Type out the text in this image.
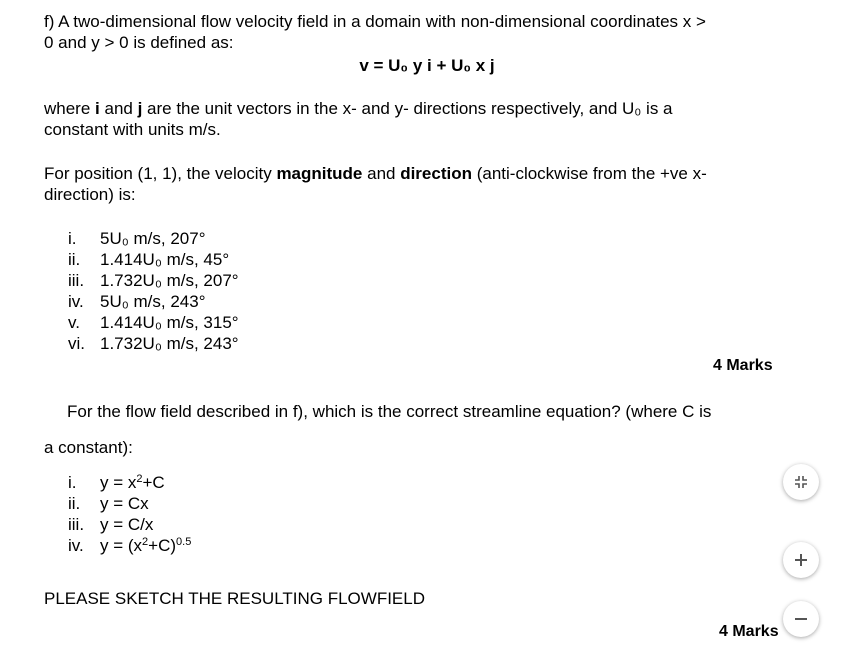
f) A two-dimensional flow velocity field in a domain with non-dimensional coordinates x >
0 and y > 0 is defined as:
v = U₀ y i + U₀ x j
where i and j are the unit vectors in the x- and y- directions respectively, and U₀ is a
constant with units m/s.
For position (1, 1), the velocity magnitude and direction (anti-clockwise from the +ve x-
direction) is:
i. 5U₀ m/s, 207°
ii. 1.414U₀ m/s, 45°
iii. 1.732U₀ m/s, 207°
iv. 5U₀ m/s, 243°
v. 1.414U₀ m/s, 315°
vi. 1.732U₀ m/s, 243°
4 Marks
For the flow field described in f), which is the correct streamline equation? (where C is
a constant):
i. $y = x^2+C$
ii. y = Cx
iii. y = C/x
iv. $y = (x^2+C)^{0.5}$
PLEASE SKETCH THE RESULTING FLOWFIELD
4 Marks
